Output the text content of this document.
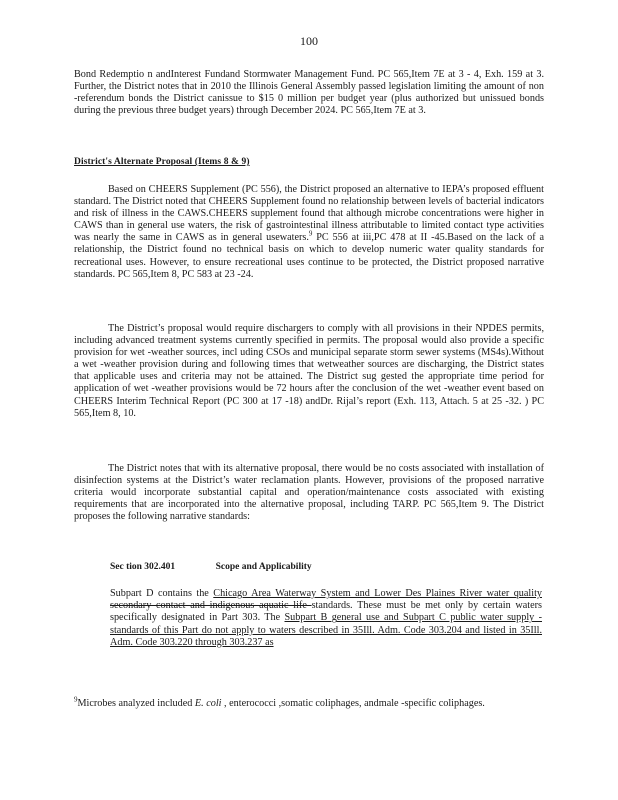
100

Bond Redemptio n andInterest Fundand Stormwater Management Fund. PC 565,Item 7E at 3 - 4, Exh. 159 at 3. Further, the District notes that in 2010 the Illinois General Assembly passed legislation limiting the amount of non -referendum bonds the District canissue to $15 0 million per budget year (plus authorized but unissued bonds during the previous three budget years) through December 2024. PC 565,Item 7E at 3.

District's Alternate Proposal (Items 8 & 9)

Based on CHEERS Supplement (PC 556), the District proposed an alternative to IEPA’s proposed effluent standard. The District noted that CHEERS Supplement found no relationship between levels of bacterial indicators and risk of illness in the CAWS.CHEERS supplement found that although microbe concentrations were higher in CAWS than in general use waters, the risk of gastrointestinal illness attributable to limited contact type activities was nearly the same in CAWS as in general usewaters.$^9$ PC 556 at iii,PC 478 at II -45.Based on the lack of a relationship, the District found no technical basis on which to develop numeric water quality standards for recreational uses. However, to ensure recreational uses continue to be protected, the District proposed narrative standards. PC 565,Item 8, PC 583 at 23 -24.

The District’s proposal would require dischargers to comply with all provisions in their NPDES permits, including advanced treatment systems currently specified in permits. The proposal would also provide a specific provision for wet -weather sources, incl uding CSOs and municipal separate storm sewer systems (MS4s).Without a wet -weather provision during and following times that wetweather sources are discharging, the District states that applicable uses and criteria may not be attained. The District sug gested the appropriate time period for application of wet -weather provisions would be 72 hours after the conclusion of the wet -weather event based on CHEERS Interim Technical Report (PC 300 at 17 -18) andDr. Rijal’s report (Exh. 113, Attach. 5 at 25 -32. ) PC 565,Item 8, 10.

The District notes that with its alternative proposal, there would be no costs associated with installation of disinfection systems at the District’s water reclamation plants. However, provisions of the proposed narrative criteria would incorporate substantial capital and operation/maintenance costs associated with existing requirements that are incorporated into the alternative proposal, including TARP. PC 565,Item 9. The District proposes the following narrative standards:

Sec tion 302.401	Scope and Applicability

Subpart D contains the Chicago Area Waterway System and Lower Des Plaines River water quality secondary contact and indigenous aquatic life standards. These must be met only by certain waters specifically designated in Part 303. The Subpart B general use and Subpart C public water supply - standards of this Part do not apply to waters described in 35Ill. Adm. Code 303.204 and listed in 35Ill. Adm. Code 303.220 through 303.237 as

$^9$Microbes analyzed included E. coli , enterococci ,somatic coliphages, andmale -specific coliphages.
